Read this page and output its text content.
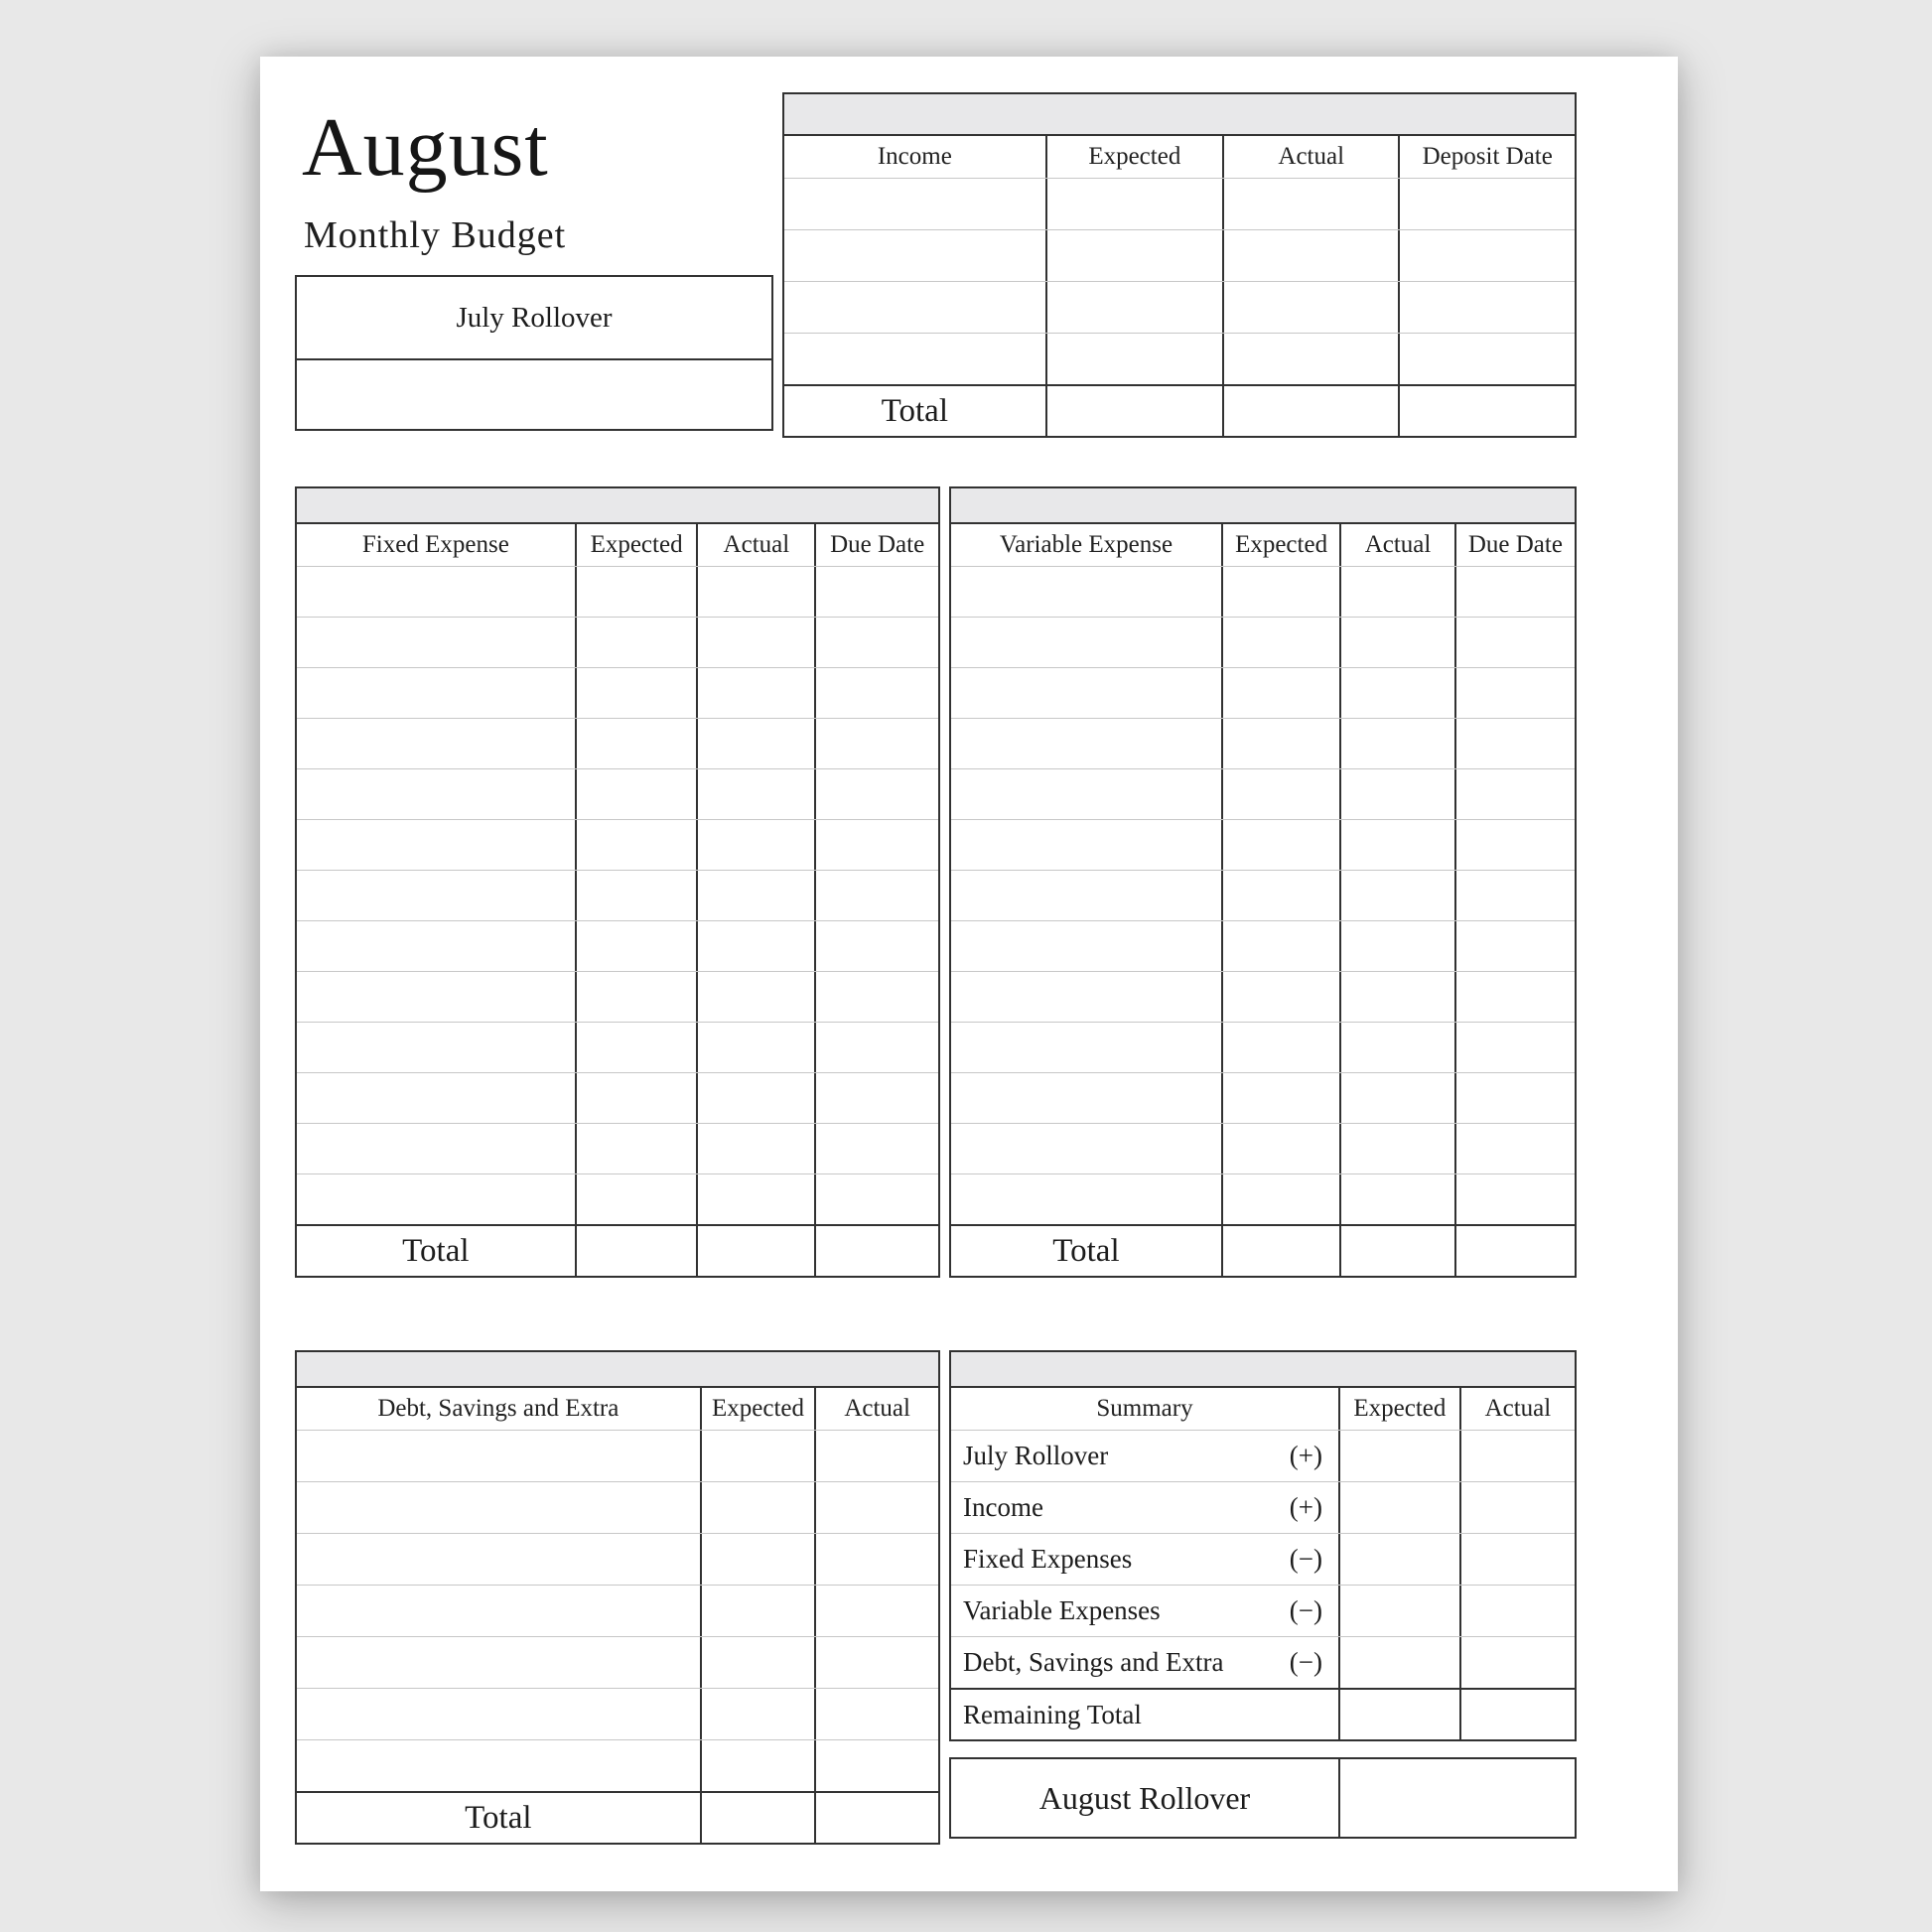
August
Monthly Budget
July Rollover
Income	Expected	Actual	Deposit Date
Total
Fixed Expense	Expected	Actual	Due Date
Total
Variable Expense	Expected	Actual	Due Date
Total
Debt, Savings and Extra	Expected	Actual
Total
Summary	Expected	Actual
July Rollover	(+)
Income	(+)
Fixed Expenses	(−)
Variable Expenses	(−)
Debt, Savings and Extra (−)
Remaining Total
August Rollover
